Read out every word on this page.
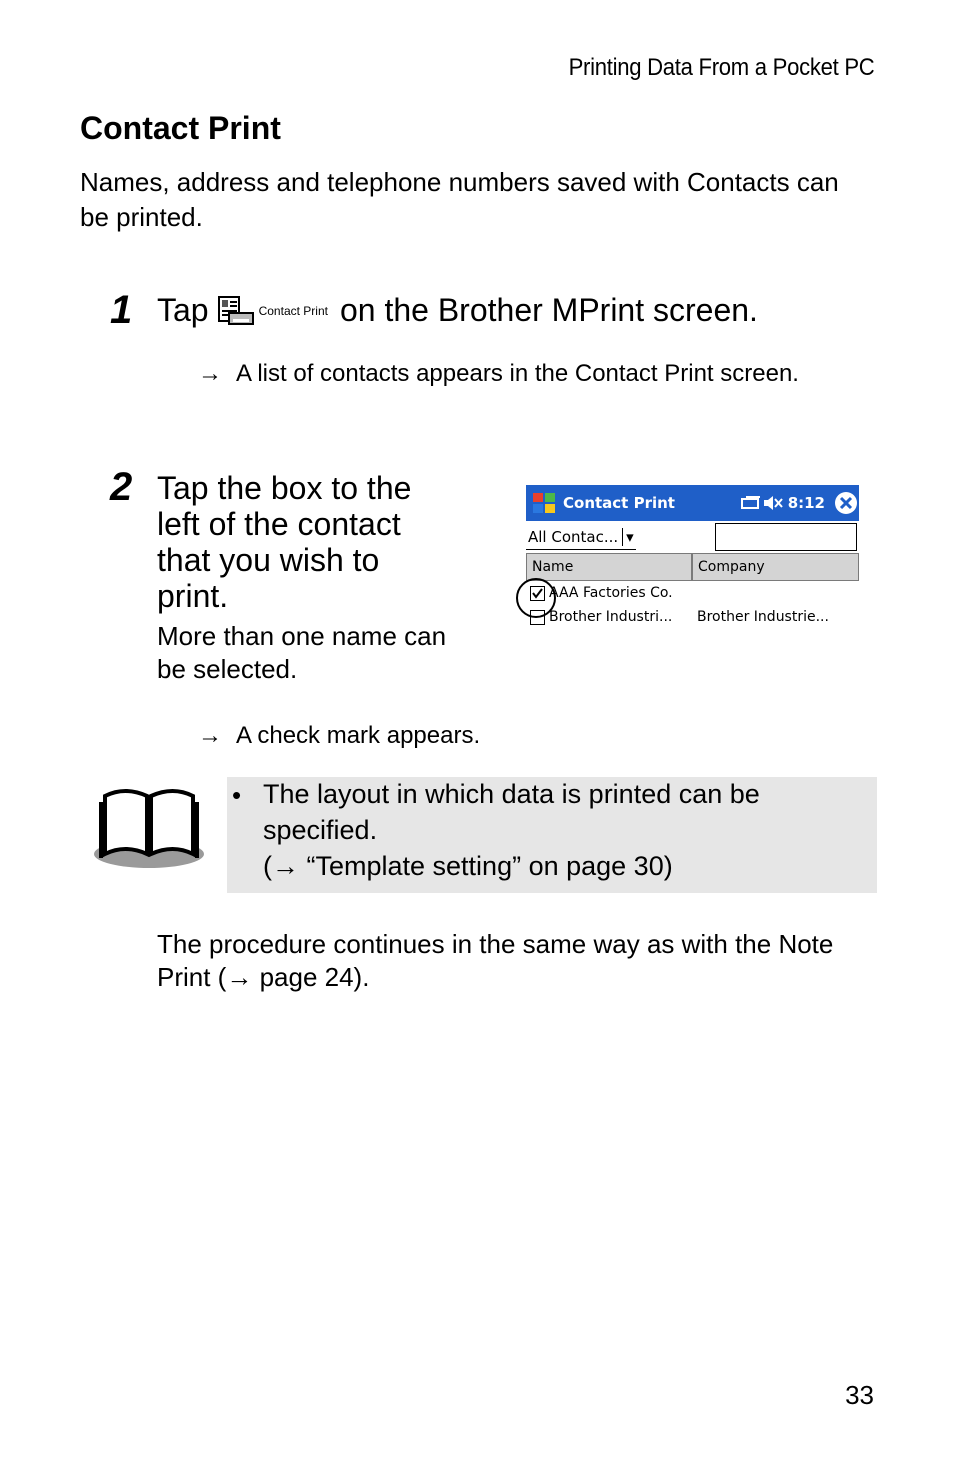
Printing Data From a Pocket PC
Contact Print
Names, address and telephone numbers saved with Contacts can be printed.
1 Tap	Contact Print on the Brother MPrint screen.
→ A list of contacts appears in the Contact Print screen.
2 Tap the box to the left of the contact that you wish to print.
More than one name can be selected.
Contact Print	8:12
All Contac... ▾
Name	Company
AAA Factories Co.
Brother Industri...	Brother Industrie...
→ A check mark appears.
• The layout in which data is printed can be specified.
(→ “Template setting” on page 30)
The procedure continues in the same way as with the Note Print (→ page 24).
33
